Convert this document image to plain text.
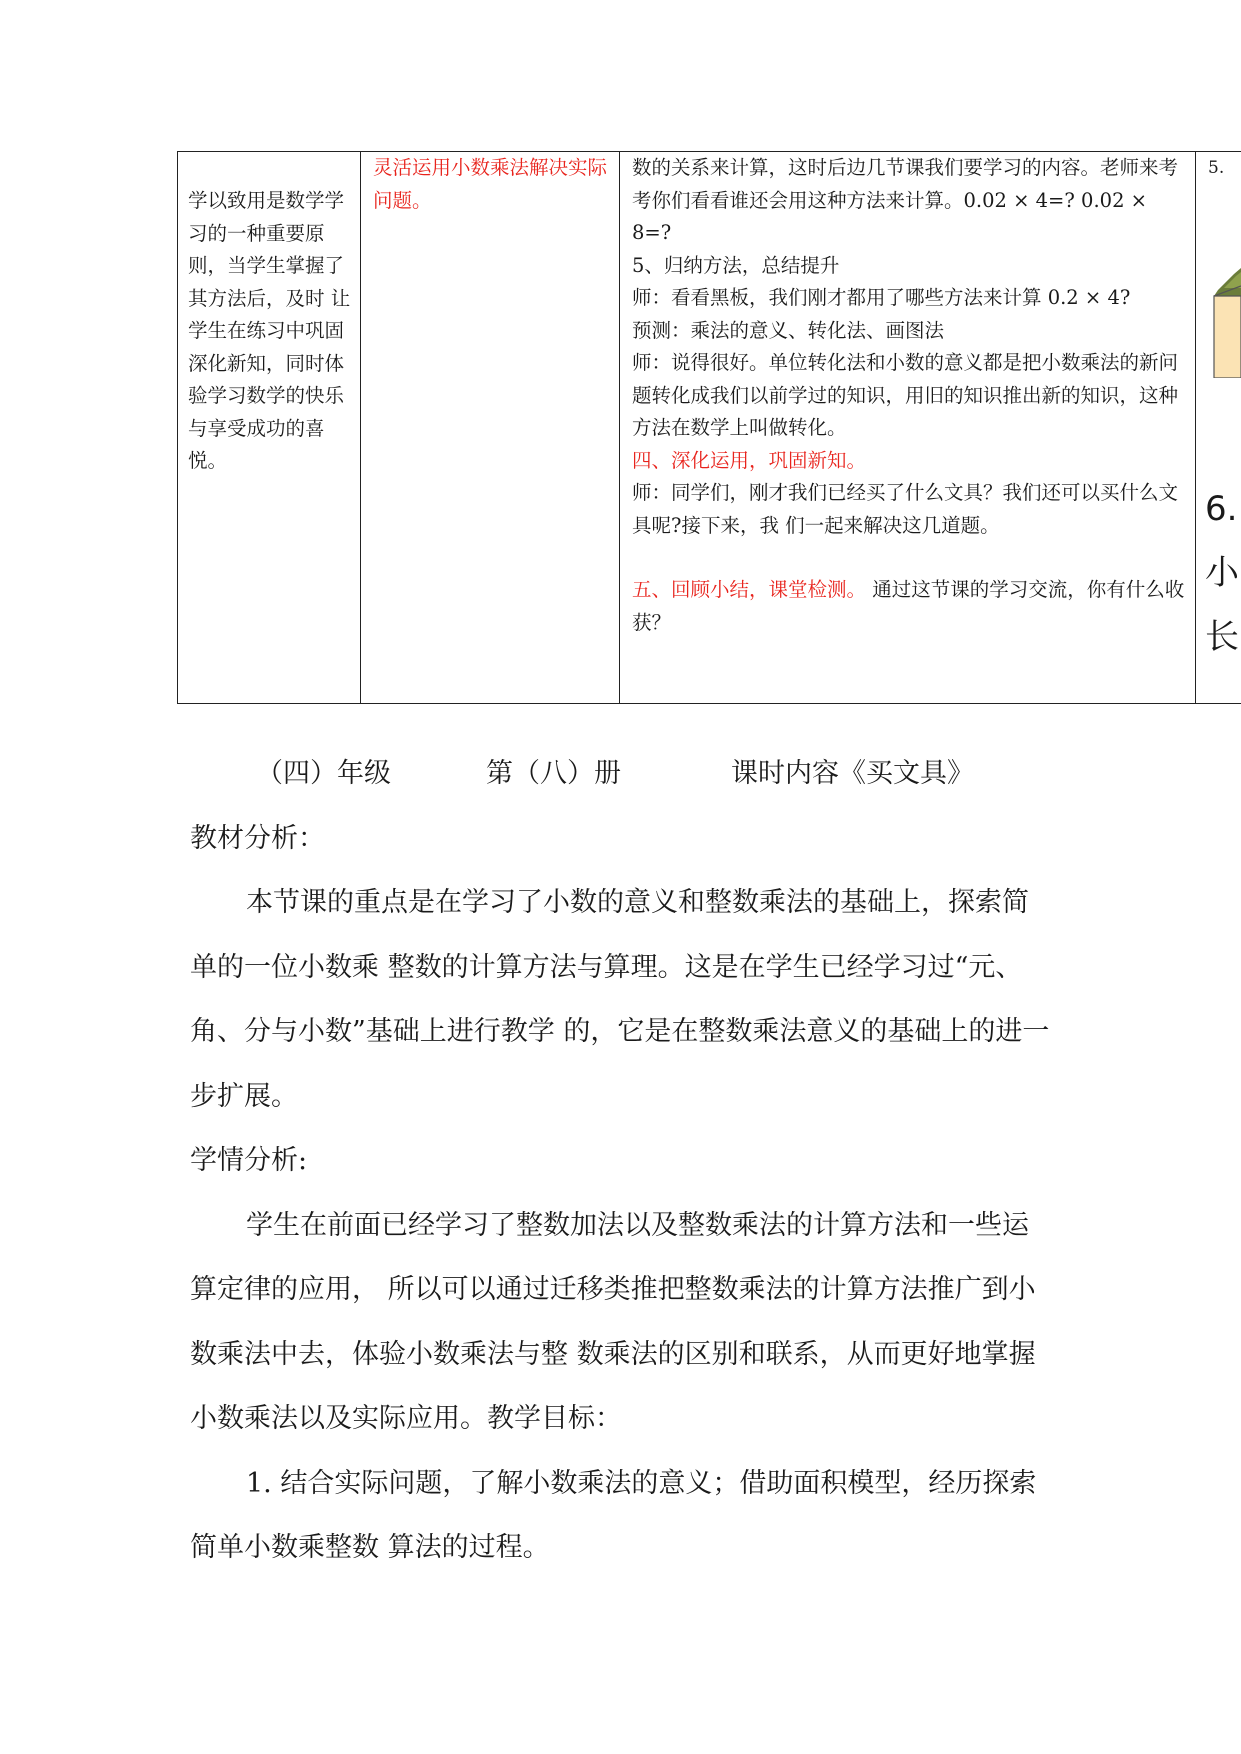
学以致用是数学学习的一种重要原则，当学生掌握了其方法后，及时 让学生在练习中巩固深化新知，同时体验学习数学的快乐与享受成功的喜悦。

灵活运用小数乘法解决实际问题。

数的关系来计算，这时后边几节课我们要学习的内容。老师来考考你们看看谁还会用这种方法来计算。0.02 × 4=? 0.02 × 8=?

5、归纳方法，总结提升

师：看看黑板，我们刚才都用了哪些方法来计算 0.2 × 4?

预测：乘法的意义、转化法、画图法

师：说得很好。单位转化法和小数的意义都是把小数乘法的新问题转化成我们以前学过的知识，用旧的知识推出新的知识，这种方法在数学上叫做转化。

四、深化运用，巩固新知。

师：同学们，刚才我们已经买了什么文具？我们还可以买什么文具呢?接下来，我 们一起来解决这几道题。

五、回顾小结，课堂检测。 通过这节课的学习交流，你有什么收获？

5.

6.
小
长

（四）年级	第（八）册	课时内容《买文具》

教材分析：

本节课的重点是在学习了小数的意义和整数乘法的基础上，探索简单的一位小数乘 整数的计算方法与算理。这是在学生已经学习过“元、角、分与小数”基础上进行教学 的，它是在整数乘法意义的基础上的进一步扩展。

学情分析:

学生在前面已经学习了整数加法以及整数乘法的计算方法和一些运算定律的应用， 所以可以通过迁移类推把整数乘法的计算方法推广到小数乘法中去，体验小数乘法与整 数乘法的区别和联系，从而更好地掌握小数乘法以及实际应用。教学目标：

1. 结合实际问题，了解小数乘法的意义；借助面积模型，经历探索简单小数乘整数 算法的过程。
